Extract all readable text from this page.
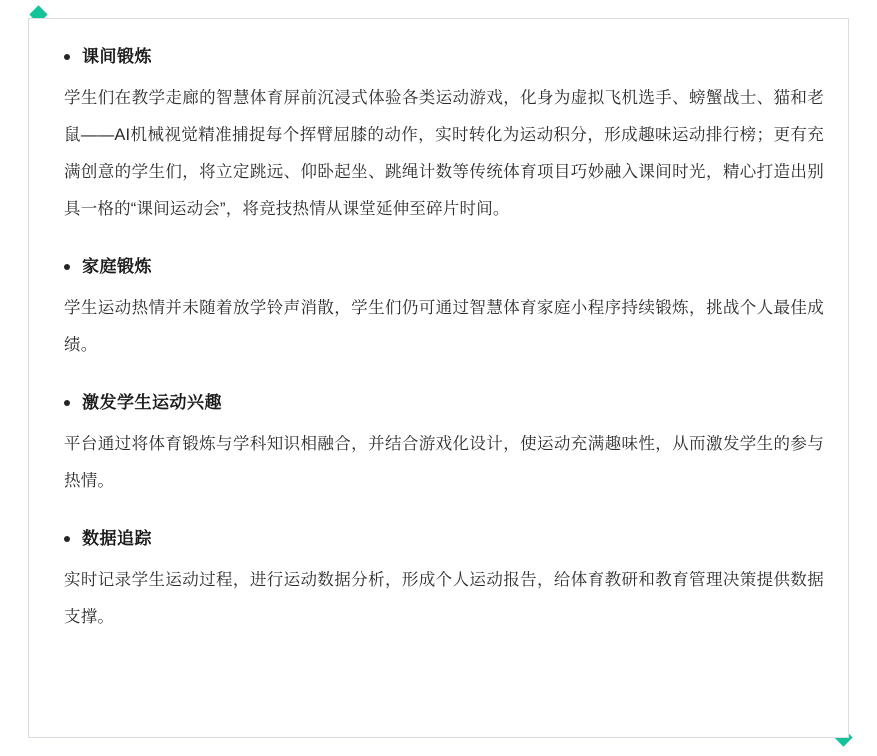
课间锻炼
学生们在教学走廊的智慧体育屏前沉浸式体验各类运动游戏，化身为虚拟飞机选手、螃蟹战士、猫和老鼠——AI机械视觉精准捕捉每个挥臂屈膝的动作，实时转化为运动积分，形成趣味运动排行榜；更有充满创意的学生们，将立定跳远、仰卧起坐、跳绳计数等传统体育项目巧妙融入课间时光，精心打造出别具一格的“课间运动会”，将竞技热情从课堂延伸至碎片时间。
家庭锻炼
学生运动热情并未随着放学铃声消散，学生们仍可通过智慧体育家庭小程序持续锻炼，挑战个人最佳成绩。
激发学生运动兴趣
平台通过将体育锻炼与学科知识相融合，并结合游戏化设计，使运动充满趣味性，从而激发学生的参与热情。
数据追踪
实时记录学生运动过程，进行运动数据分析，形成个人运动报告，给体育教研和教育管理决策提供数据支撑。
